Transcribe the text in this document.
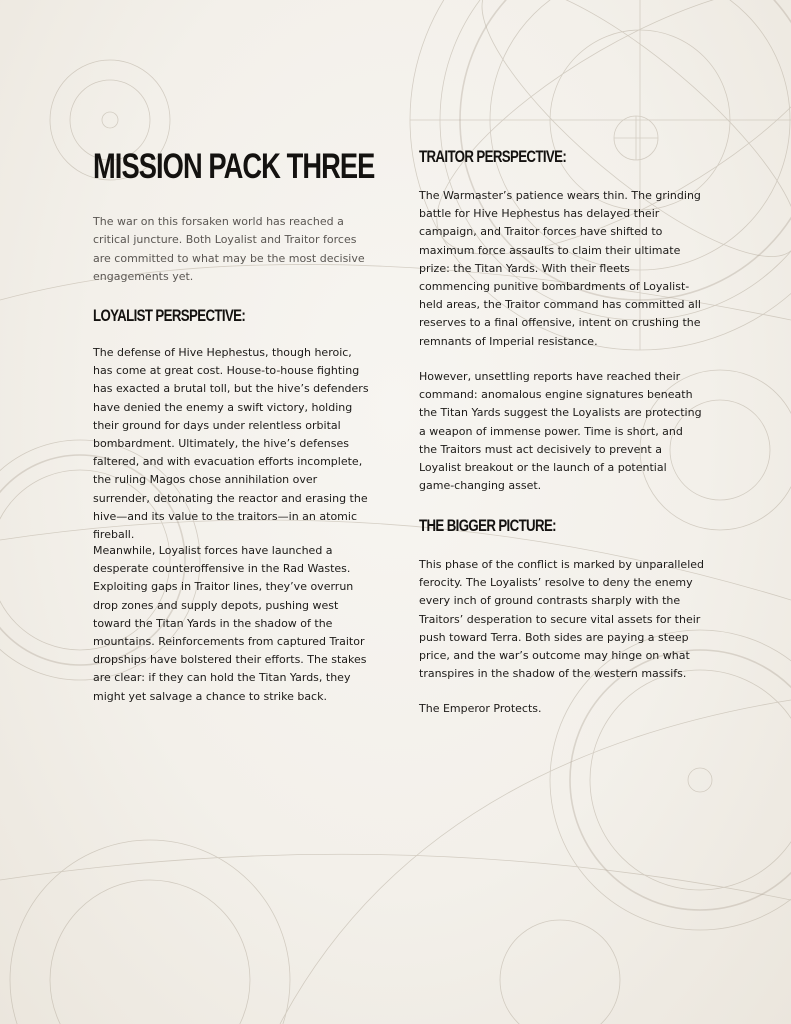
MISSION PACK THREE

The war on this forsaken world has reached a critical juncture. Both Loyalist and Traitor forces are committed to what may be the most decisive engagements yet.

LOYALIST PERSPECTIVE:

The defense of Hive Hephestus, though heroic, has come at great cost. House-to-house fighting has exacted a brutal toll, but the hive’s defenders have denied the enemy a swift victory, holding their ground for days under relentless orbital bombardment. Ultimately, the hive’s defenses faltered, and with evacuation efforts incomplete, the ruling Magos chose annihilation over surrender, detonating the reactor and erasing the hive—and its value to the traitors—in an atomic fireball.

Meanwhile, Loyalist forces have launched a desperate counteroffensive in the Rad Wastes. Exploiting gaps in Traitor lines, they’ve overrun drop zones and supply depots, pushing west toward the Titan Yards in the shadow of the mountains. Reinforcements from captured Traitor dropships have bolstered their efforts. The stakes are clear: if they can hold the Titan Yards, they might yet salvage a chance to strike back.

TRAITOR PERSPECTIVE:

The Warmaster’s patience wears thin. The grinding battle for Hive Hephestus has delayed their campaign, and Traitor forces have shifted to maximum force assaults to claim their ultimate prize: the Titan Yards. With their fleets commencing punitive bombardments of Loyalist-held areas, the Traitor command has committed all reserves to a final offensive, intent on crushing the remnants of Imperial resistance.

However, unsettling reports have reached their command: anomalous engine signatures beneath the Titan Yards suggest the Loyalists are protecting a weapon of immense power. Time is short, and the Traitors must act decisively to prevent a Loyalist breakout or the launch of a potential game-changing asset.

THE BIGGER PICTURE:

This phase of the conflict is marked by unparalleled ferocity. The Loyalists’ resolve to deny the enemy every inch of ground contrasts sharply with the Traitors’ desperation to secure vital assets for their push toward Terra. Both sides are paying a steep price, and the war’s outcome may hinge on what transpires in the shadow of the western massifs.

The Emperor Protects.
